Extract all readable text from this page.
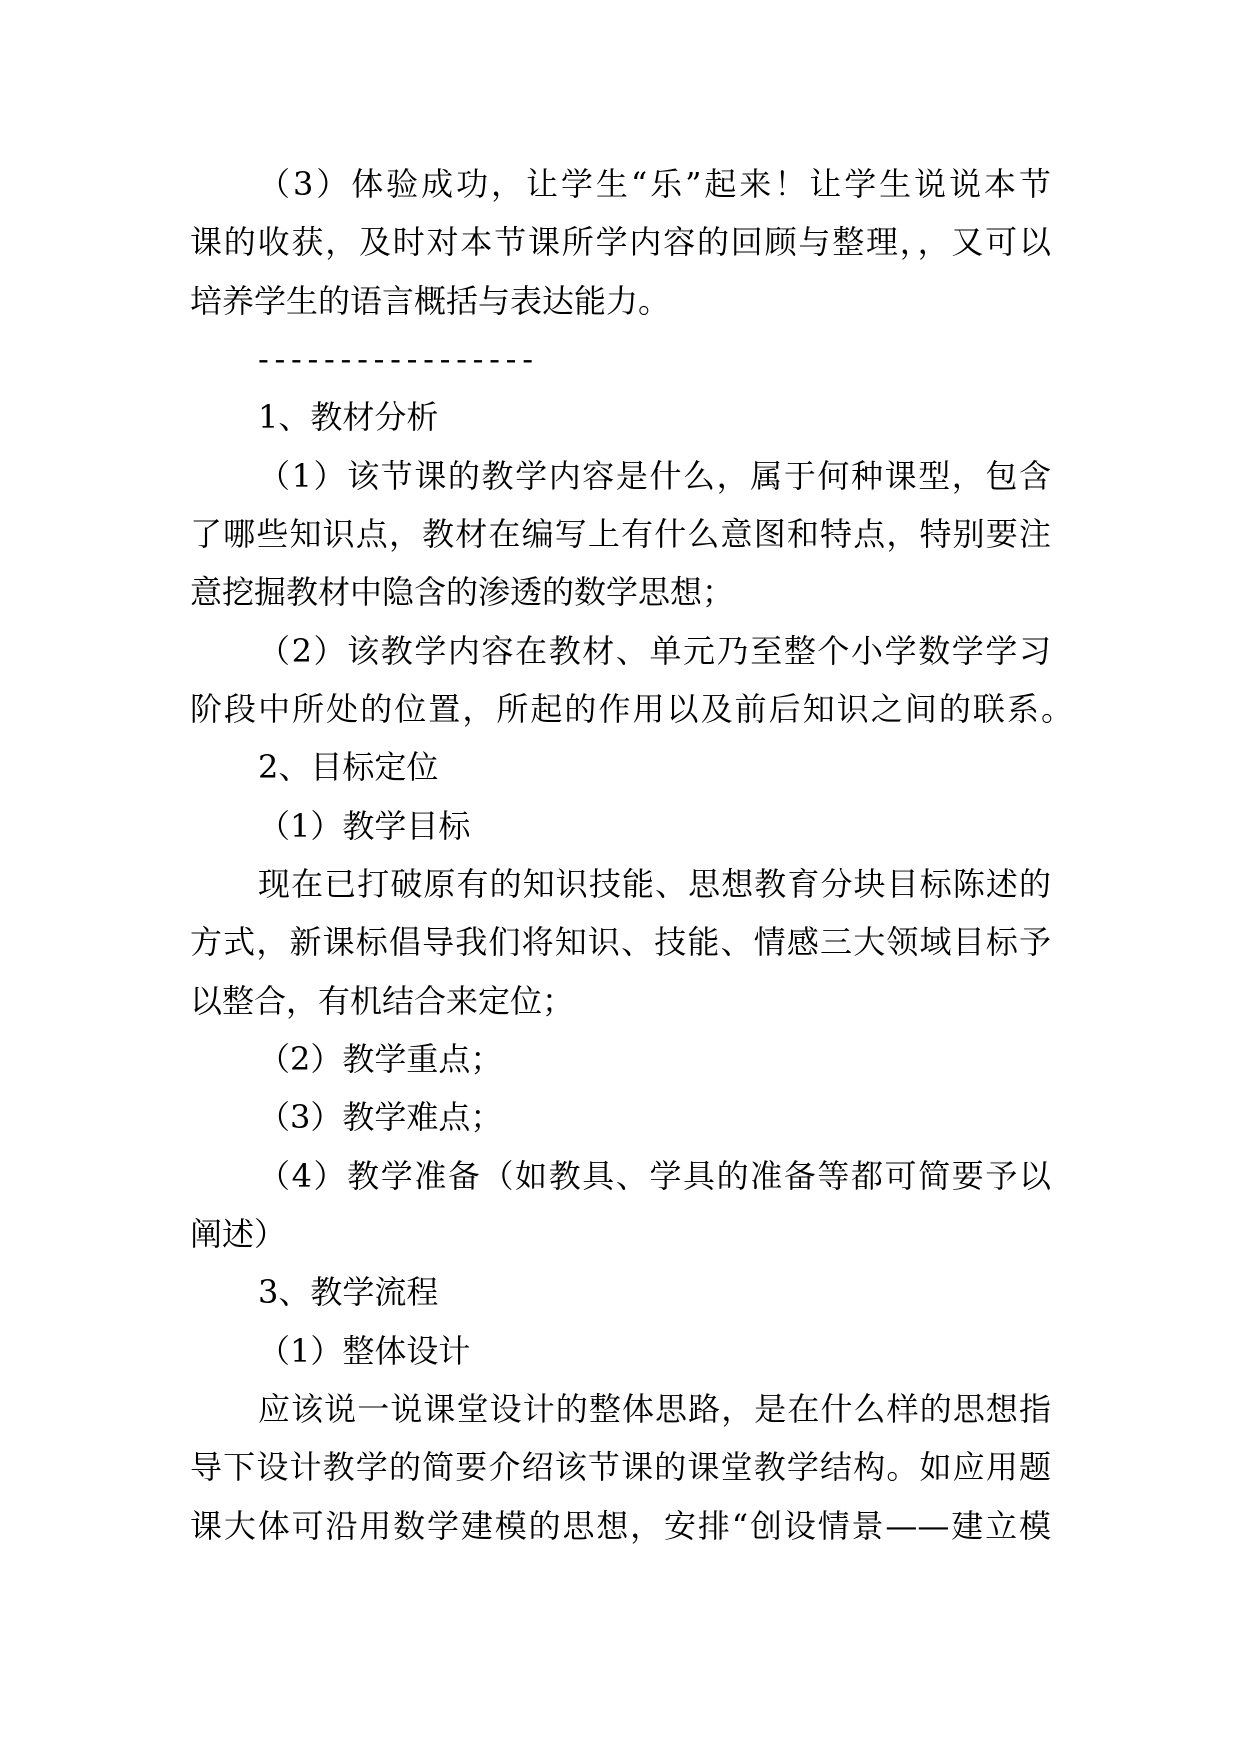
（3）体验成功，让学生“乐”起来！让学生说说本节
课的收获，及时对本节课所学内容的回顾与整理，，又可以
培养学生的语言概括与表达能力。
-----------------
1、教材分析
（1）该节课的教学内容是什么，属于何种课型，包含
了哪些知识点，教材在编写上有什么意图和特点，特别要注
意挖掘教材中隐含的渗透的数学思想；
（2）该教学内容在教材、单元乃至整个小学数学学习
阶段中所处的位置，所起的作用以及前后知识之间的联系。
2、目标定位
（1）教学目标
现在已打破原有的知识技能、思想教育分块目标陈述的
方式，新课标倡导我们将知识、技能、情感三大领域目标予
以整合，有机结合来定位；
（2）教学重点；
（3）教学难点；
（4）教学准备（如教具、学具的准备等都可简要予以
阐述）
3、教学流程
（1）整体设计
应该说一说课堂设计的整体思路，是在什么样的思想指
导下设计教学的简要介绍该节课的课堂教学结构。如应用题
课大体可沿用数学建模的思想，安排“创设情景——建立模
